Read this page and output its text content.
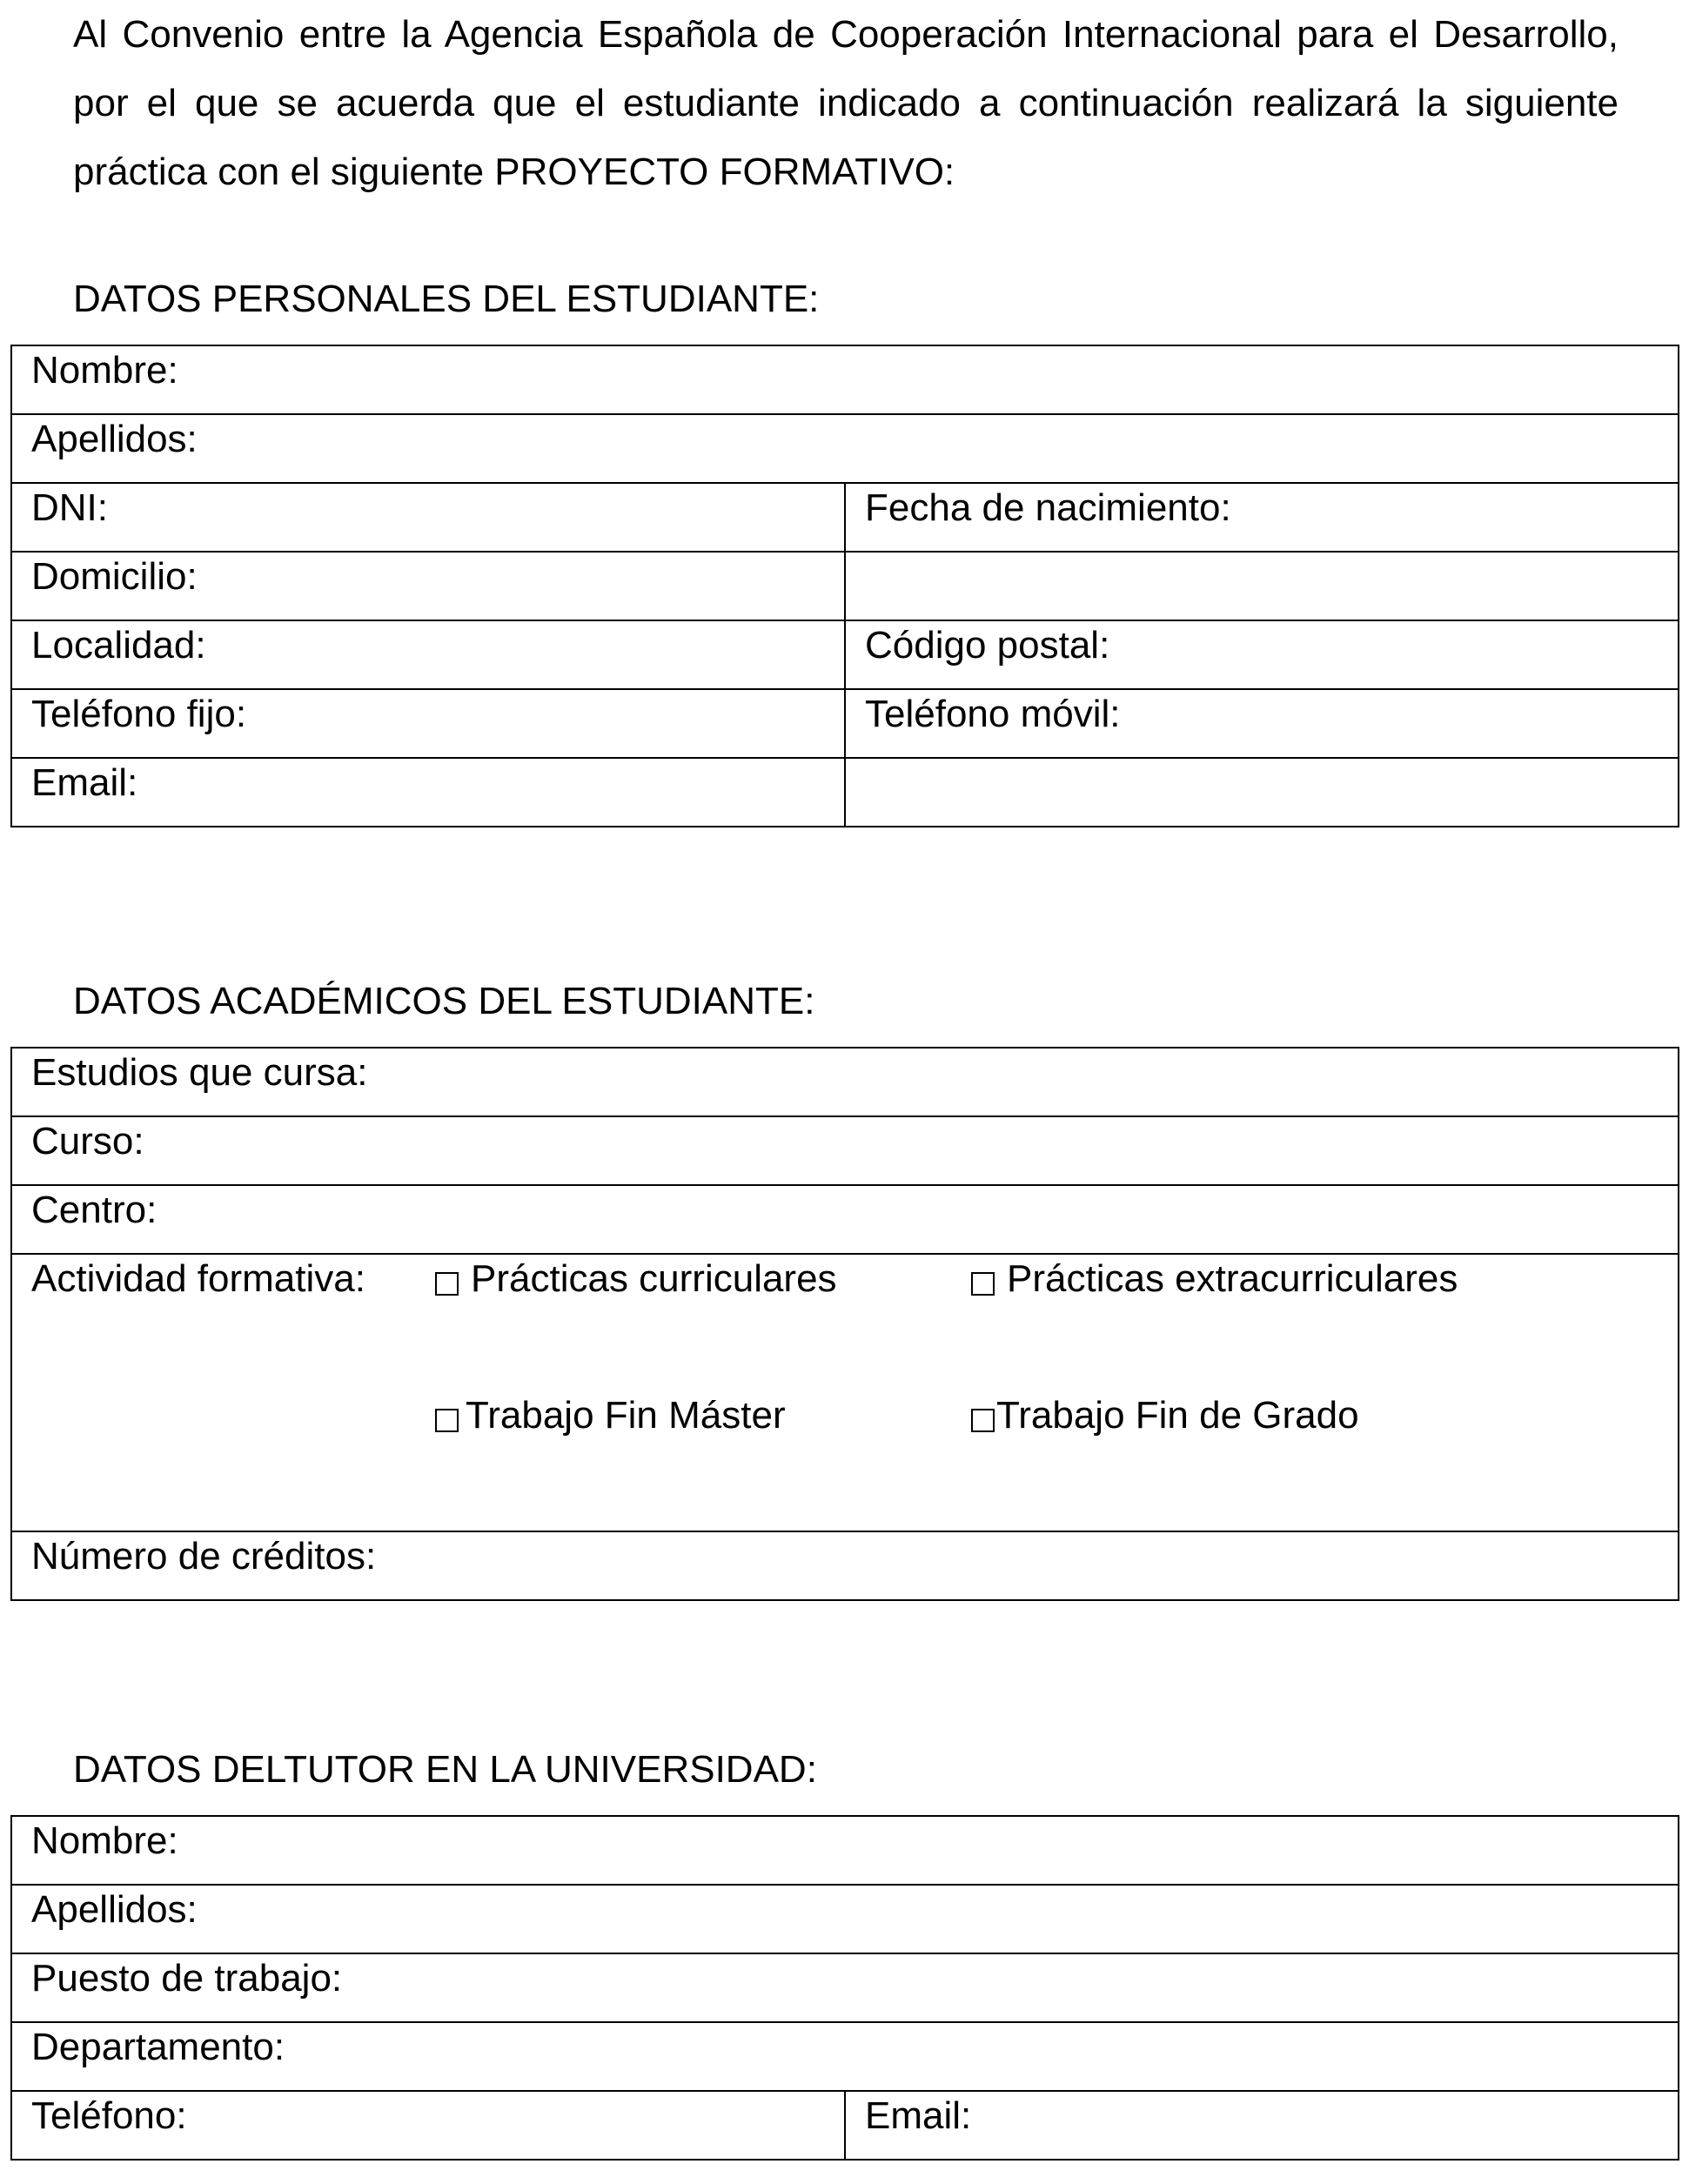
Al Convenio entre la Agencia Española de Cooperación Internacional para el Desarrollo, por el que se acuerda que el estudiante indicado a continuación realizará la siguiente práctica con el siguiente PROYECTO FORMATIVO:
DATOS PERSONALES DEL ESTUDIANTE:
Nombre:	
Apellidos:	
DNI:	Fecha de nacimiento:
Domicilio:	
Localidad:	Código postal:
Teléfono fijo:	Teléfono móvil:
Email:	
DATOS ACADÉMICOS DEL ESTUDIANTE:
Estudios que cursa:
Curso:
Centro:

Actividad formativa:	Prácticas curriculares	Prácticas extracurriculares
Trabajo Fin Máster	Trabajo Fin de Grado

Número de créditos:
DATOS DELTUTOR EN LA UNIVERSIDAD:
Nombre:
Apellidos:
Puesto de trabajo:
Departamento:
Teléfono:	Email:
